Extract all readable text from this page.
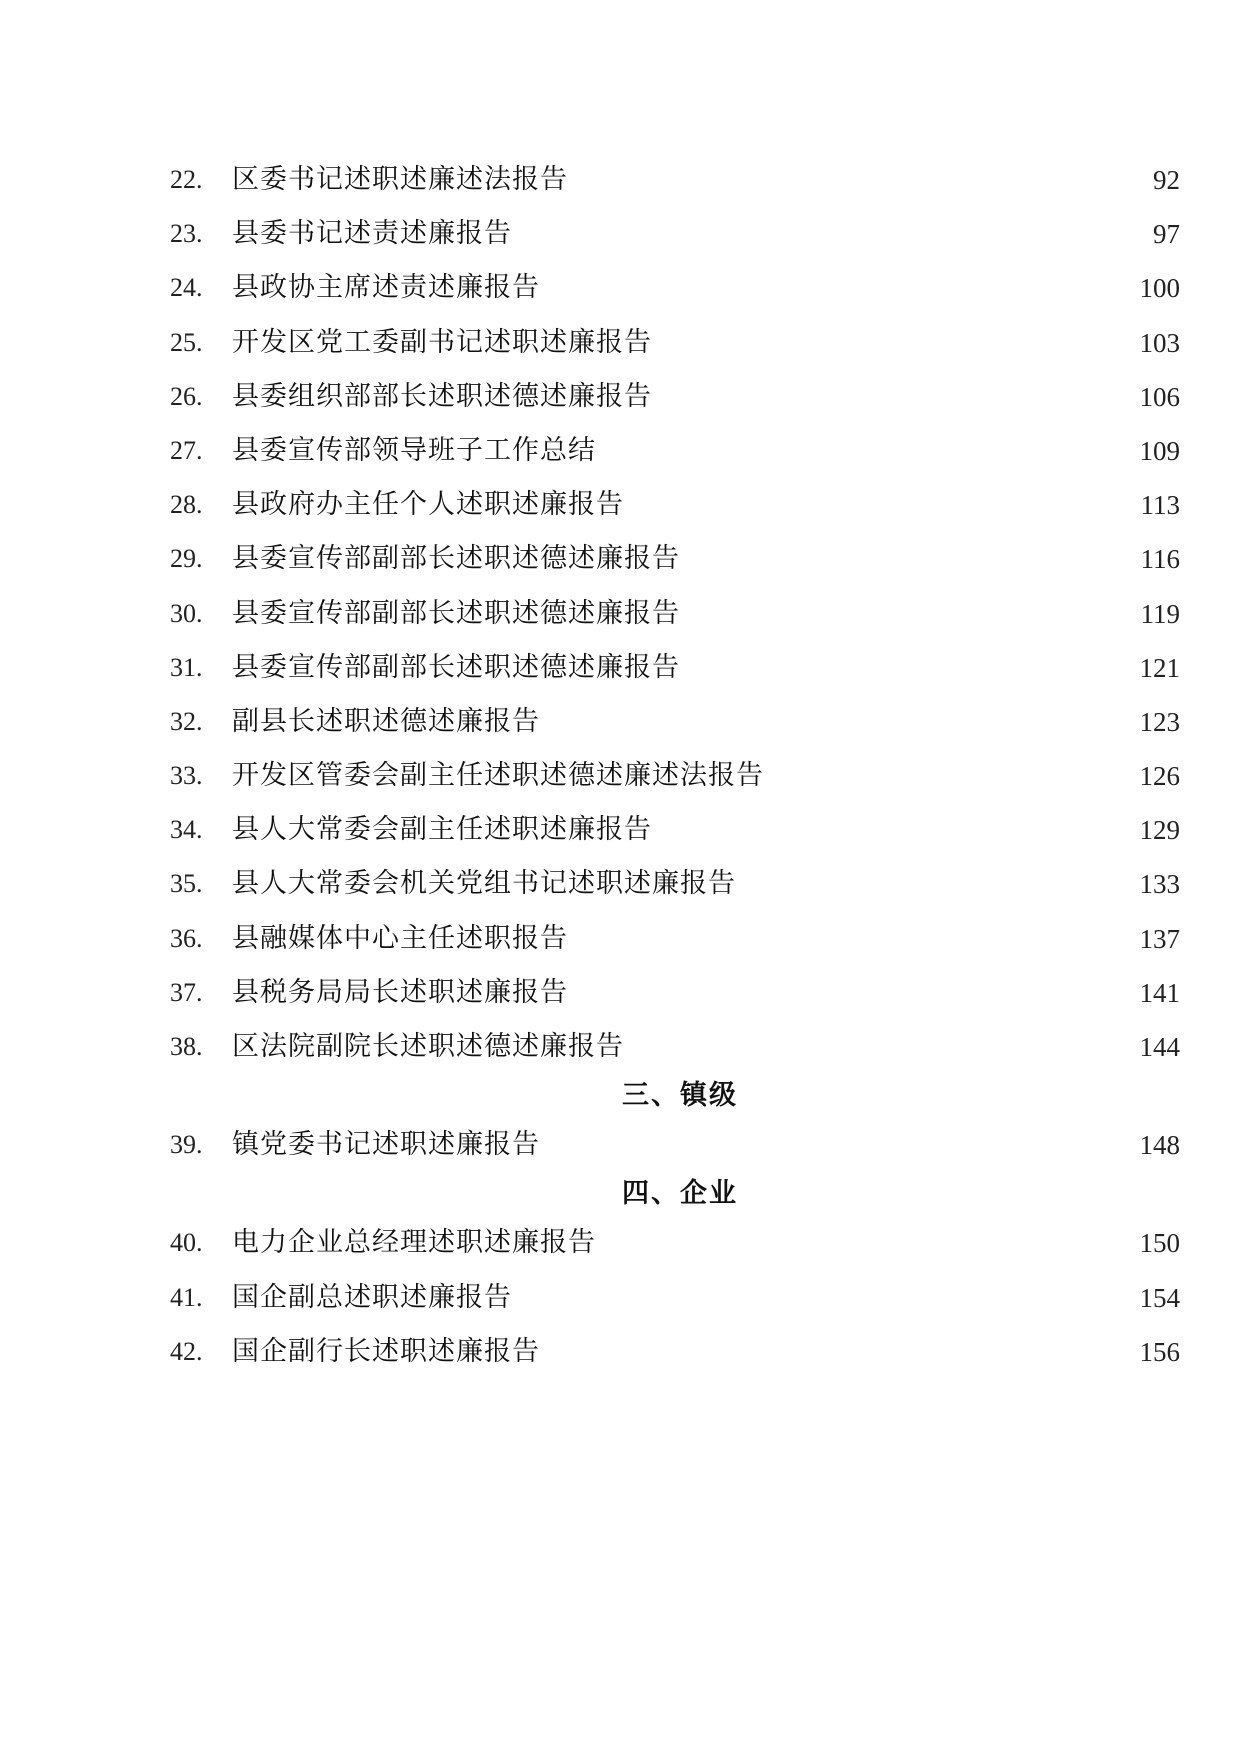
22. 区委书记述职述廉述法报告	92
23. 县委书记述责述廉报告	97
24. 县政协主席述责述廉报告	100
25. 开发区党工委副书记述职述廉报告	103
26. 县委组织部部长述职述德述廉报告	106
27. 县委宣传部领导班子工作总结	109
28. 县政府办主任个人述职述廉报告	113
29. 县委宣传部副部长述职述德述廉报告	116
30. 县委宣传部副部长述职述德述廉报告	119
31. 县委宣传部副部长述职述德述廉报告	121
32. 副县长述职述德述廉报告	123
33. 开发区管委会副主任述职述德述廉述法报告	126
34. 县人大常委会副主任述职述廉报告	129
35. 县人大常委会机关党组书记述职述廉报告	133
36. 县融媒体中心主任述职报告	137
37. 县税务局局长述职述廉报告	141
38. 区法院副院长述职述德述廉报告	144
三、镇级
39. 镇党委书记述职述廉报告	148
四、企业
40. 电力企业总经理述职述廉报告	150
41. 国企副总述职述廉报告	154
42. 国企副行长述职述廉报告	156
